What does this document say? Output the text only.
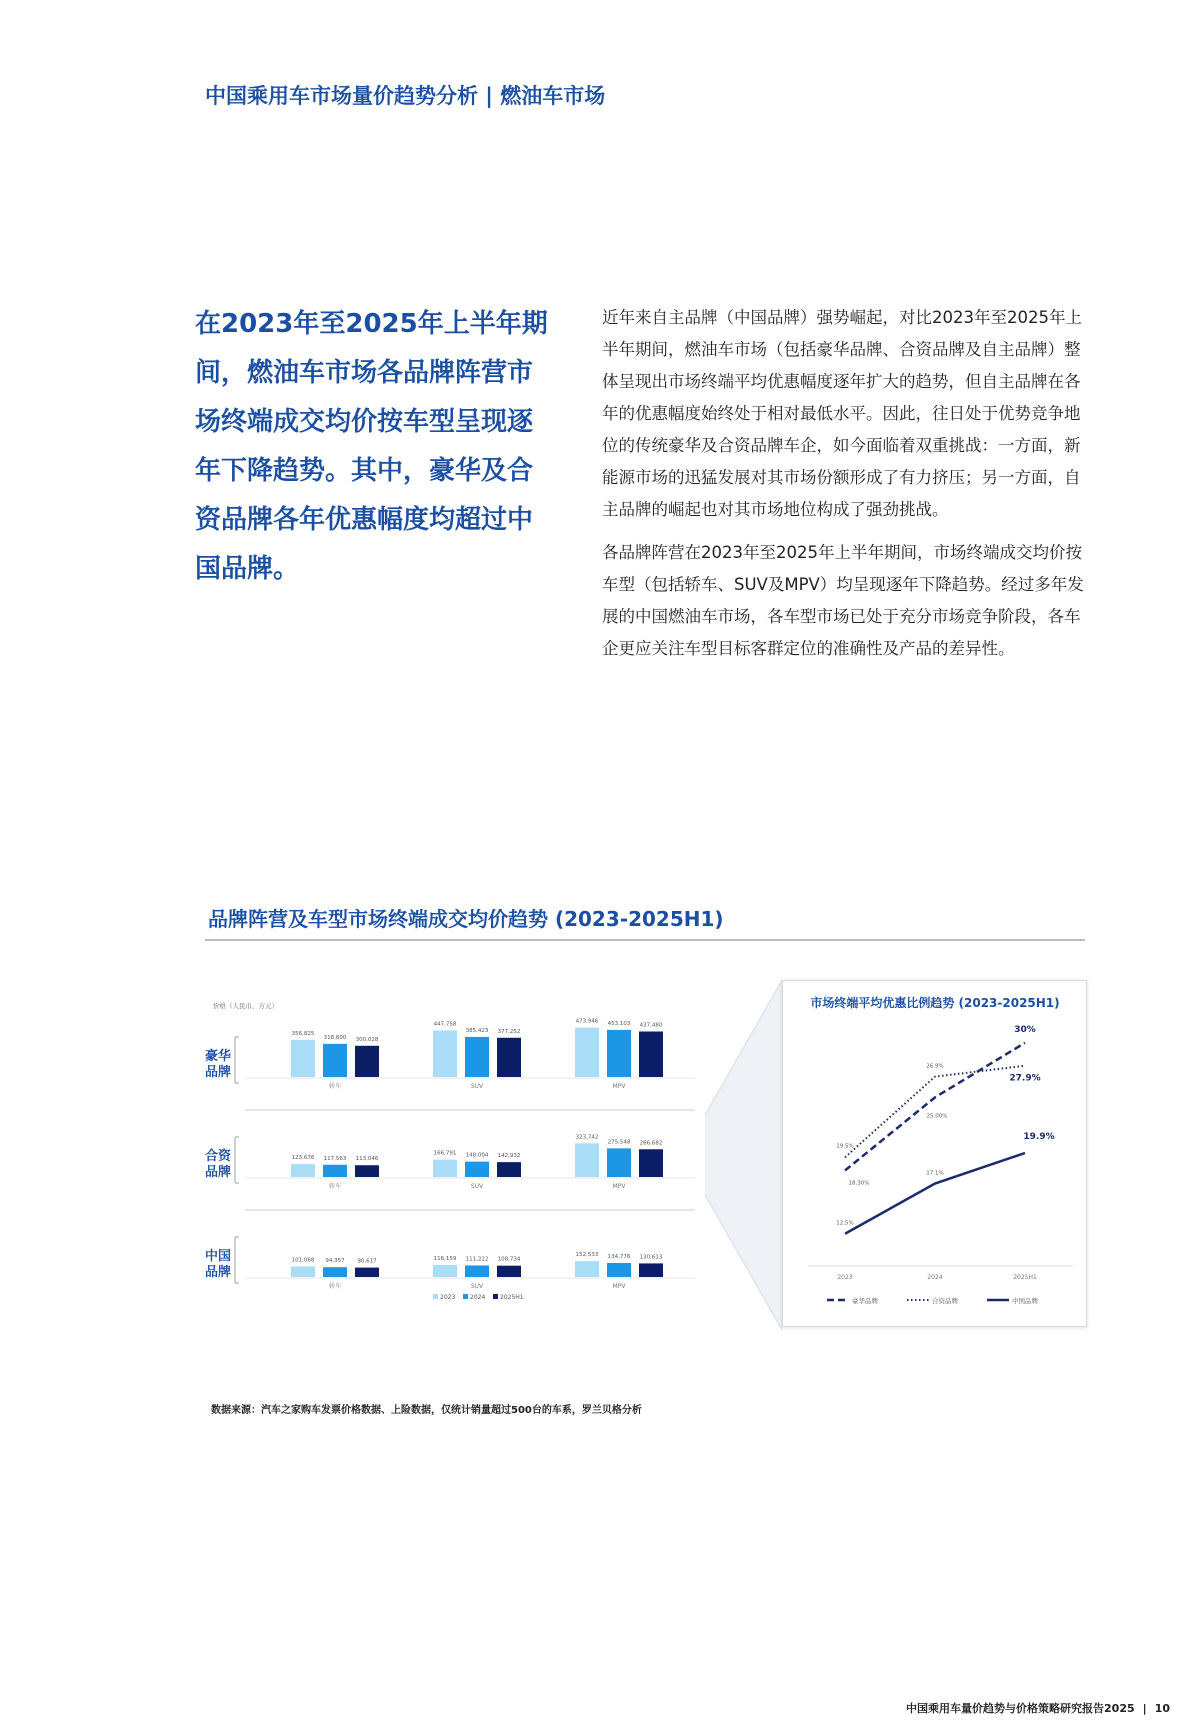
中国乘用车市场量价趋势分析 | 燃油车市场

在2023年至2025年上半年期间，燃油车市场各品牌阵营市场终端成交均价按车型呈现逐年下降趋势。其中，豪华及合资品牌各年优惠幅度均超过中国品牌。

近年来自主品牌（中国品牌）强势崛起，对比2023年至2025年上半年期间，燃油车市场（包括豪华品牌、合资品牌及自主品牌）整体呈现出市场终端平均优惠幅度逐年扩大的趋势，但自主品牌在各年的优惠幅度始终处于相对最低水平。因此，往日处于优势竞争地位的传统豪华及合资品牌车企，如今面临着双重挑战：一方面，新能源市场的迅猛发展对其市场份额形成了有力挤压；另一方面，自主品牌的崛起也对其市场地位构成了强劲挑战。

各品牌阵营在2023年至2025年上半年期间，市场终端成交均价按车型（包括轿车、SUV及MPV）均呈现逐年下降趋势。经过多年发展的中国燃油车市场，各车型市场已处于充分市场竞争阶段，各车企更应关注车型目标客群定位的准确性及产品的差异性。

品牌阵营及车型市场终端成交均价趋势 (2023-2025H1)
价格（人民币，万元）
豪华品牌
356,825
318,600 300,028
轿车
447,758
385,423 377,252
SUV
473,946 453,103 437,480
MPV
合资品牌
123,676 117,563 113,046
轿车
166,791 148,004 142,932
SUV
323,742
275,548 266,682
MPV
中国品牌
101,068 94,357 90,617
轿车
116,159 111,222 108,734
SUV
152,533 134,776 130,613
MPV
2023 2024 2025H1
市场终端平均优惠比例趋势 (2023-2025H1)
2023	2024	2025H1
18.30%
25.00%
30%
19.5%
26.9%
27.9%
12.5%
17.1%
19.9%
豪华品牌	合资品牌	中国品牌
数据来源：汽车之家购车发票价格数据、上险数据，仅统计销量超过500台的车系，罗兰贝格分析
中国乘用车量价趋势与价格策略研究报告2025 | 10
